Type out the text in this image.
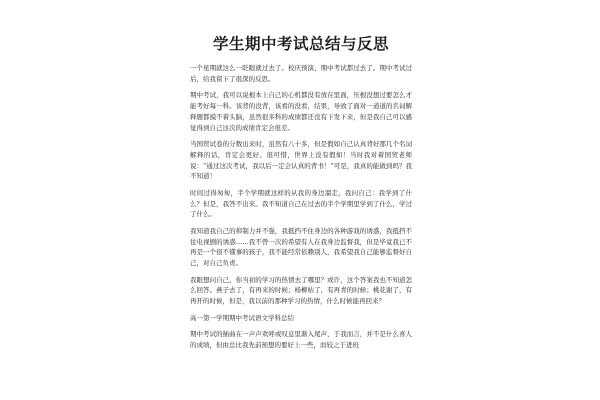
学生期中考试总结与反思

一个星期就这么一眨眼就过去了。校庆预演、期中考试都过去了。期中考试过后，给我留下了很深的反思。

期中考试，我可以说根本上自己的心机都没有放在里面，压根没想过要怎么才能考好每一科。该背的没背，该看的没看，结果，导致了面对一道道的名词解释题都摸不着头脑，虽然很多科的成绩都还没有下发下来，但是我自己可以感觉得到自己这次的成绩肯定会很差。

当国贸试卷的分数出来时，虽然有八十多，但是假如自己认真背好那几个名词解释的话，肯定会更好。很可惜，世界上没有假如！当时我对着国贸老师说：“通过这次考试，我以后一定会认真的背书！”可是，我真的能做到吗？我不知道！

时间过得匆匆，半个学期就这样的从我的身边溜走，我问自己：我学到了什么？但是，我答不出来。我不知道自己在过去的半个学期里学到了什么，学过了什么。

我知道我自己的抑制力并不强，我抵挡不住身边的各种游戏的诱惑，我抵挡不住电视剧的诱惑……我不曾一次的希望有人在我身边监督我，但是毕竟我已不再是一个很不懂事的孩子，我不能经常依赖别人，我希望我自己能够监督好自己，对自己负责。

我眼想问自己，你当初的学习的热情去了哪里？或许，这个答案我也不知道怎么回答。燕子去了，有再来的时候；杨柳枯了，有再青的时候；桃花谢了，有再开的时候，但是，我以前的那种学习的热情，什么时候能再回来？

高一第一学期期中考试语文学科总结

期中考试的插曲在一声声欢呼或叹息里渐入尾声，于我而言，并不是什么喜人的成绩，但由总比我先前预想的要好上一些，而较之于进班
